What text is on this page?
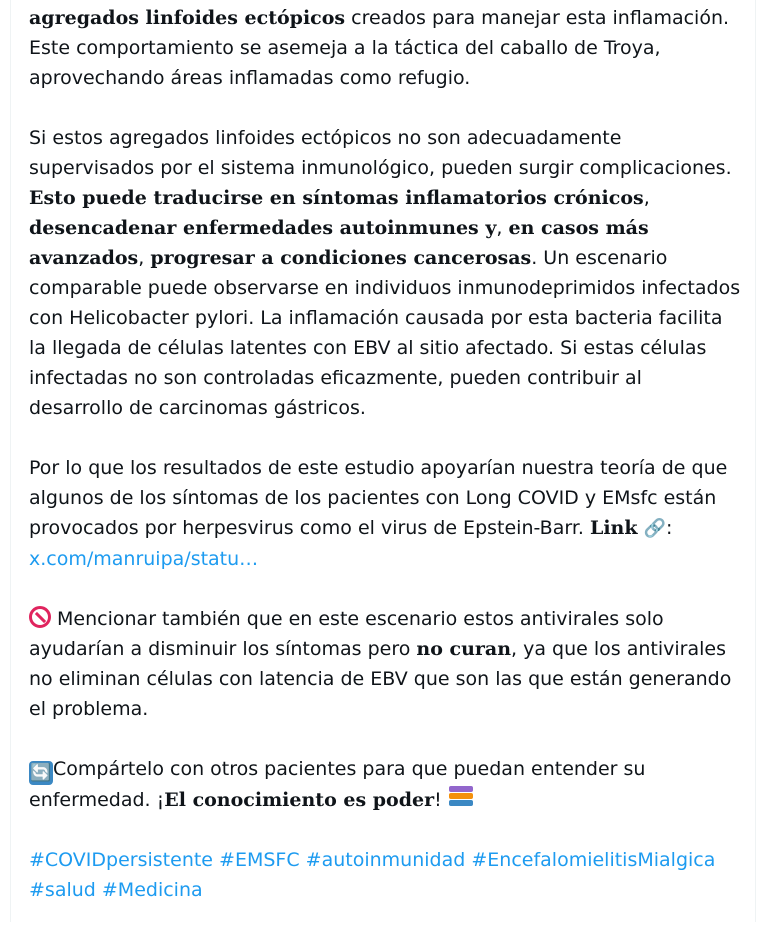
agregados linfoides ectópicos creados para manejar esta inflamación.
Este comportamiento se asemeja a la táctica del caballo de Troya,
aprovechando áreas inflamadas como refugio.

Si estos agregados linfoides ectópicos no son adecuadamente supervisados por el sistema inmunológico, pueden surgir complicaciones. Esto puede traducirse en síntomas inflamatorios crónicos, desencadenar enfermedades autoinmunes y, en casos más avanzados, progresar a condiciones cancerosas. Un escenario comparable puede observarse en individuos inmunodeprimidos infectados con Helicobacter pylori. La inflamación causada por esta bacteria facilita la llegada de células latentes con EBV al sitio afectado. Si estas células infectadas no son controladas eficazmente, pueden contribuir al desarrollo de carcinomas gástricos.

Por lo que los resultados de este estudio apoyarían nuestra teoría de que algunos de los síntomas de los pacientes con Long COVID y EMsfc están provocados por herpesvirus como el virus de Epstein-Barr. Link 🔗: x.com/manruipa/statu…

Mencionar también que en este escenario estos antivirales solo ayudarían a disminuir los síntomas pero no curan, ya que los antivirales no eliminan células con latencia de EBV que son las que están generando el problema.

🔄Compártelo con otros pacientes para que puedan entender su enfermedad. ¡El conocimiento es poder!

#COVIDpersistente #EMSFC #autoinmunidad #EncefalomielitisMialgica #salud #Medicina
